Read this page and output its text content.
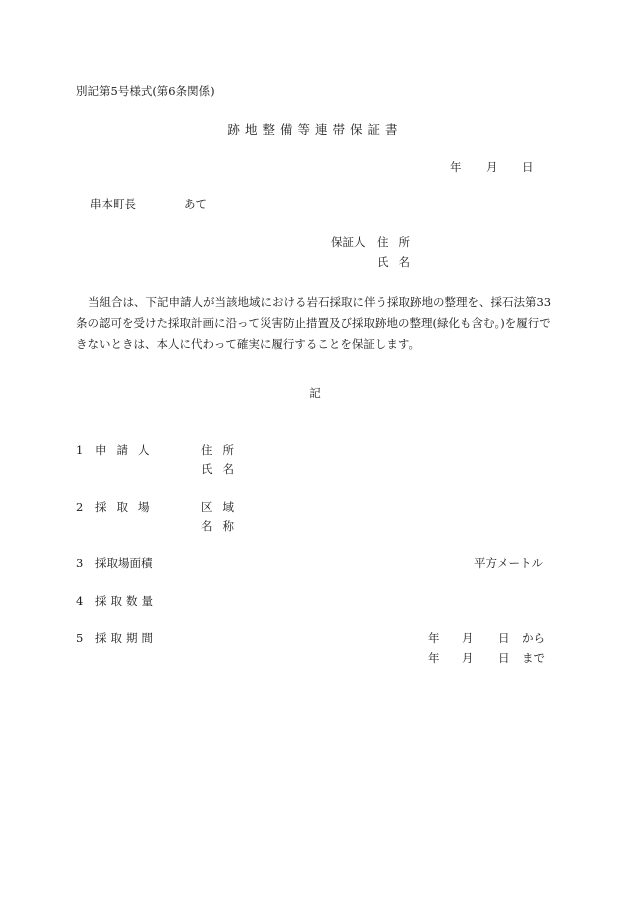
別記第5号様式(第6条関係)
跡地整備等連帯保証書
年 月 日
串本町長	あて
保証人 住所
氏名
当組合は、下記申請人が当該地域における岩石採取に伴う採取跡地の整理を、採石法第33条の認可を受けた採取計画に沿って災害防止措置及び採取跡地の整理(緑化も含む。)を履行できないときは、本人に代わって確実に履行することを保証します。
記
1 申請人	住所
氏名
2 採取場	区域
名称
3 採取場面積	平方メートル
4 採取数量
5 採取期間	年 月 日 から
年 月 日 まで
